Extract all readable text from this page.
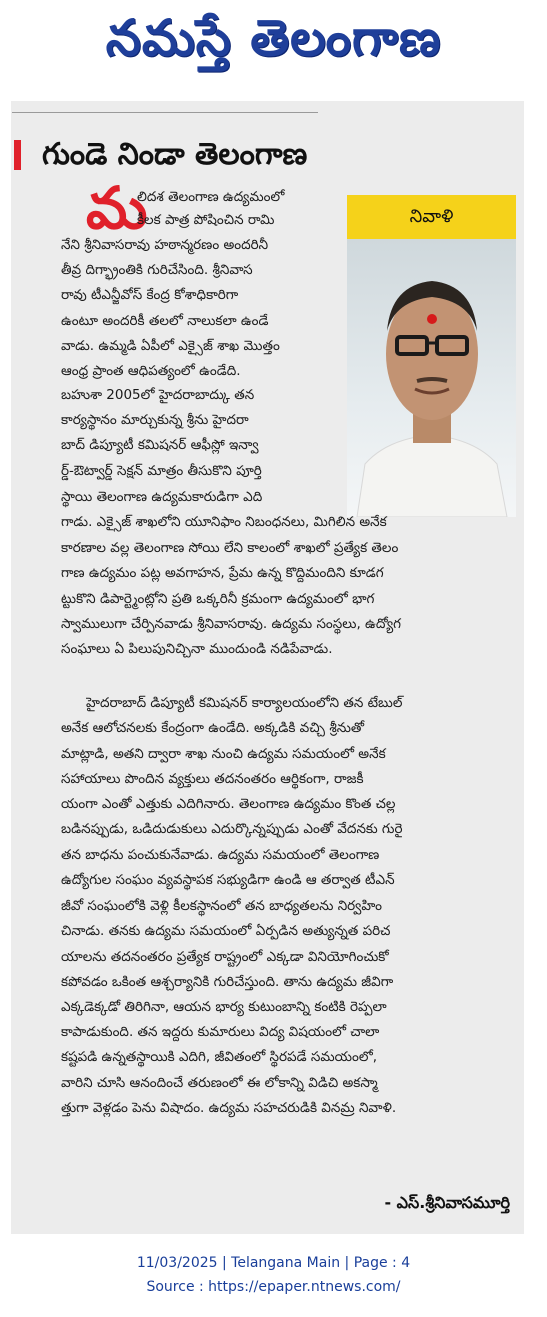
నమస్తే తెలంగాణ
గుండె నిండా తెలంగాణ
మ	నివాళి
లిదశ తెలంగాణ ఉద్యమంలో
కీలక పాత్ర పోషించిన రామి
నేని శ్రీనివాసరావు హఠాన్మరణం అందరినీ
తీవ్ర దిగ్భ్రాంతికి గురిచేసింది. శ్రీనివాస
రావు టీఎన్జీవోస్ కేంద్ర కోశాధికారిగా
ఉంటూ అందరికీ తలలో నాలుకలా ఉండే
వాడు. ఉమ్మడి ఏపీలో ఎక్సైజ్ శాఖ మొత్తం
ఆంధ్ర ప్రాంత ఆధిపత్యంలో ఉండేది.
బహుశా 2005లో హైదరాబాద్కు తన
కార్యస్థానం మార్చుకున్న శ్రీను హైదరా
బాద్ డిప్యూటీ కమిషనర్ ఆఫీస్లో ఇన్వా
ర్డ్-ఔట్వార్డ్ సెక్షన్ మాత్రం తీసుకొని పూర్తి
స్థాయి తెలంగాణ ఉద్యమకారుడిగా ఎది
గాడు. ఎక్సైజ్ శాఖలోని యూనిఫాం నిబంధనలు, మిగిలిన అనేక
కారణాల వల్ల తెలంగాణ సోయి లేని కాలంలో శాఖలో ప్రత్యేక తెలం
గాణ ఉద్యమం పట్ల అవగాహన, ప్రేమ ఉన్న కొద్దిమందిని కూడగ
ట్టుకొని డిపార్ట్మెంట్లోని ప్రతి ఒక్కరినీ క్రమంగా ఉద్యమంలో భాగ
స్వాములుగా చేర్పినవాడు శ్రీనివాసరావు. ఉద్యమ సంస్థలు, ఉద్యోగ
సంఘాలు ఏ పిలుపునిచ్చినా ముందుండి నడిపేవాడు.
హైదరాబాద్ డిప్యూటీ కమిషనర్ కార్యాలయంలోని తన టేబుల్
అనేక ఆలోచనలకు కేంద్రంగా ఉండేది. అక్కడికి వచ్చి శ్రీనుతో
మాట్లాడి, అతని ద్వారా శాఖ నుంచి ఉద్యమ సమయంలో అనేక
సహాయాలు పొందిన వ్యక్తులు తదనంతరం ఆర్థికంగా, రాజకీ
యంగా ఎంతో ఎత్తుకు ఎదిగినారు. తెలంగాణ ఉద్యమం కొంత చల్ల
బడినప్పుడు, ఒడిదుడుకులు ఎదుర్కొన్నప్పుడు ఎంతో వేదనకు గురై
తన బాధను పంచుకునేవాడు. ఉద్యమ సమయంలో తెలంగాణ
ఉద్యోగుల సంఘం వ్యవస్థాపక సభ్యుడిగా ఉండి ఆ తర్వాత టీఎన్
జీవో సంఘంలోకి వెళ్లి కీలకస్థానంలో తన బాధ్యతలను నిర్వహిం
చినాడు. తనకు ఉద్యమ సమయంలో ఏర్పడిన అత్యున్నత పరిచ
యాలను తదనంతరం ప్రత్యేక రాష్ట్రంలో ఎక్కడా వినియోగించుకో
కపోవడం ఒకింత ఆశ్చర్యానికి గురిచేస్తుంది. తాను ఉద్యమ జీవిగా
ఎక్కడెక్కడో తిరిగినా, ఆయన భార్య కుటుంబాన్ని కంటికి రెప్పలా
కాపాడుకుంది. తన ఇద్దరు కుమారులు విద్య విషయంలో చాలా
కష్టపడి ఉన్నతస్థాయికి ఎదిగి, జీవితంలో స్థిరపడే సమయంలో,
వారిని చూసి ఆనందించే తరుణంలో ఈ లోకాన్ని విడిచి అకస్మా
త్తుగా వెళ్లడం పెను విషాదం. ఉద్యమ సహచరుడికి వినమ్ర నివాళి.
- ఎస్.శ్రీనివాసమూర్తి
11/03/2025 | Telangana Main | Page : 4
Source : https://epaper.ntnews.com/
